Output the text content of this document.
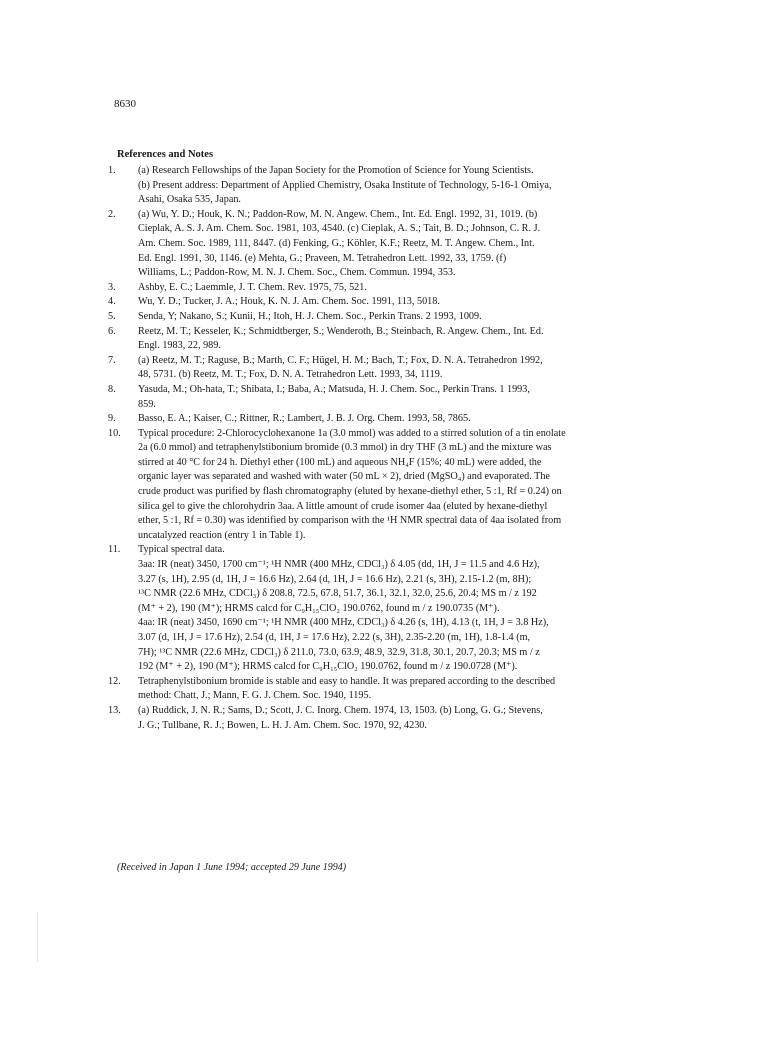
8630
References and Notes
1.	(a) Research Fellowships of the Japan Society for the Promotion of Science for Young Scientists.
(b) Present address: Department of Applied Chemistry, Osaka Institute of Technology, 5-16-1 Omiya,
Asahi, Osaka 535, Japan.
2.	(a) Wu, Y. D.; Houk, K. N.; Paddon-Row, M. N. Angew. Chem., Int. Ed. Engl. 1992, 31, 1019. (b)
Cieplak, A. S. J. Am. Chem. Soc. 1981, 103, 4540. (c) Cieplak, A. S.; Tait, B. D.; Johnson, C. R. J.
Am. Chem. Soc. 1989, 111, 8447. (d) Fenking, G.; Köhler, K.F.; Reetz, M. T. Angew. Chem., Int.
Ed. Engl. 1991, 30, 1146. (e) Mehta, G.; Praveen, M. Tetrahedron Lett. 1992, 33, 1759. (f)
Williams, L.; Paddon-Row, M. N. J. Chem. Soc., Chem. Commun. 1994, 353.
3.	Ashby, E. C.; Laemmle, J. T. Chem. Rev. 1975, 75, 521.
4.	Wu, Y. D.; Tucker, J. A.; Houk, K. N. J. Am. Chem. Soc. 1991, 113, 5018.
5.	Senda, Y; Nakano, S.; Kunii, H.; Itoh, H. J. Chem. Soc., Perkin Trans. 2 1993, 1009.
6.	Reetz, M. T.; Kesseler, K.; Schmidtberger, S.; Wenderoth, B.; Steinbach, R. Angew. Chem., Int. Ed.
Engl. 1983, 22, 989.
7.	(a) Reetz, M. T.; Raguse, B.; Marth, C. F.; Hügel, H. M.; Bach, T.; Fox, D. N. A. Tetrahedron 1992,
48, 5731. (b) Reetz, M. T.; Fox, D. N. A. Tetrahedron Lett. 1993, 34, 1119.
8.	Yasuda, M.; Oh-hata, T.; Shibata, I.; Baba, A.; Matsuda, H. J. Chem. Soc., Perkin Trans. 1 1993,
859.
9.	Basso, E. A.; Kaiser, C.; Rittner, R.; Lambert, J. B. J. Org. Chem. 1993, 58, 7865.
10.	Typical procedure: 2-Chlorocyclohexanone 1a (3.0 mmol) was added to a stirred solution of a tin enolate
2a (6.0 mmol) and tetraphenylstibonium bromide (0.3 mmol) in dry THF (3 mL) and the mixture was
stirred at 40 °C for 24 h. Diethyl ether (100 mL) and aqueous NH₄F (15%; 40 mL) were added, the
organic layer was separated and washed with water (50 mL × 2), dried (MgSO₄) and evaporated. The
crude product was purified by flash chromatography (eluted by hexane-diethyl ether, 5 :1, Rf = 0.24) on
silica gel to give the chlorohydrin 3aa. A little amount of crude isomer 4aa (eluted by hexane-diethyl
ether, 5 :1, Rf = 0.30) was identified by comparison with the ¹H NMR spectral data of 4aa isolated from
uncatalyzed reaction (entry 1 in Table 1).
11.	Typical spectral data.
3aa: IR (neat) 3450, 1700 cm⁻¹; ¹H NMR (400 MHz, CDCl₃) δ 4.05 (dd, 1H, J = 11.5 and 4.6 Hz),
3.27 (s, 1H), 2.95 (d, 1H, J = 16.6 Hz), 2.64 (d, 1H, J = 16.6 Hz), 2.21 (s, 3H), 2.15-1.2 (m, 8H);
¹³C NMR (22.6 MHz, CDCl₃) δ 208.8, 72.5, 67.8, 51.7, 36.1, 32.1, 32.0, 25.6, 20.4; MS m / z 192
(M⁺ + 2), 190 (M⁺); HRMS calcd for C₉H₁₅ClO₂ 190.0762, found m / z 190.0735 (M⁺).
4aa: IR (neat) 3450, 1690 cm⁻¹; ¹H NMR (400 MHz, CDCl₃) δ 4.26 (s, 1H), 4.13 (t, 1H, J = 3.8 Hz),
3.07 (d, 1H, J = 17.6 Hz), 2.54 (d, 1H, J = 17.6 Hz), 2.22 (s, 3H), 2.35-2.20 (m, 1H), 1.8-1.4 (m,
7H); ¹³C NMR (22.6 MHz, CDCl₃) δ 211.0, 73.0, 63.9, 48.9, 32.9, 31.8, 30.1, 20.7, 20.3; MS m / z
192 (M⁺ + 2), 190 (M⁺); HRMS calcd for C₉H₁₅ClO₂ 190.0762, found m / z 190.0728 (M⁺).
12.	Tetraphenylstibonium bromide is stable and easy to handle. It was prepared according to the described
method: Chatt, J.; Mann, F. G. J. Chem. Soc. 1940, 1195.
13.	(a) Ruddick, J. N. R.; Sams, D.; Scott, J. C. Inorg. Chem. 1974, 13, 1503. (b) Long, G. G.; Stevens,
J. G.; Tullbane, R. J.; Bowen, L. H. J. Am. Chem. Soc. 1970, 92, 4230.
(Received in Japan 1 June 1994; accepted 29 June 1994)
